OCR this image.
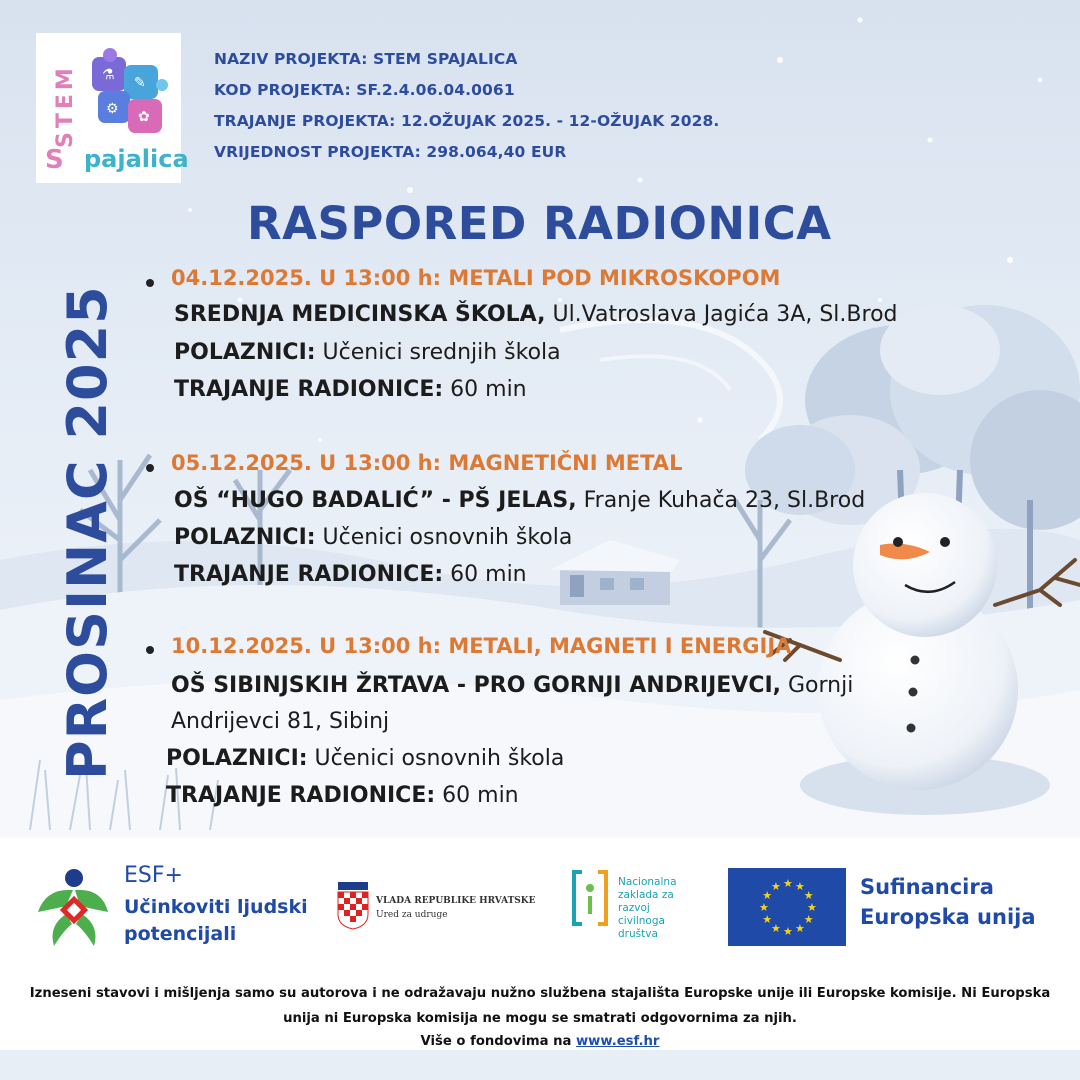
STEM ⚗ ✎
⚙ ✿
S pajalica
NAZIV PROJEKTA: STEM SPAJALICA
KOD PROJEKTA: SF.2.4.06.04.0061
TRAJANJE PROJEKTA: 12.OŽUJAK 2025. - 12-OŽUJAK 2028.
VRIJEDNOST PROJEKTA: 298.064,40 EUR
RASPORED RADIONICA
PROSINAC 2025
04.12.2025. U 13:00 h: METALI POD MIKROSKOPOM
SREDNJA MEDICINSKA ŠKOLA, Ul.Vatroslava Jagića 3A, Sl.Brod
POLAZNICI: Učenici srednjih škola
TRAJANJE RADIONICE: 60 min
05.12.2025. U 13:00 h: MAGNETIČNI METAL
OŠ “HUGO BADALIĆ” - PŠ JELAS, Franje Kuhača 23, Sl.Brod
POLAZNICI: Učenici osnovnih škola
TRAJANJE RADIONICE: 60 min
10.12.2025. U 13:00 h: METALI, MAGNETI I ENERGIJA
OŠ SIBINJSKIH ŽRTAVA - PRO GORNJI ANDRIJEVCI, Gornji
Andrijevci 81, Sibinj
POLAZNICI: Učenici osnovnih škola
TRAJANJE RADIONICE: 60 min
ESF+
Učinkoviti ljudski
potencijali
VLADA REPUBLIKE HRVATSKE
Ured za udruge
Nacionalna
zaklada za
razvoj
civilnoga
društva
★
★
★
★
★
★
★
★
★ ★ ★
★ Sufinancira
Europska unija
Izneseni stavovi i mišljenja samo su autorova i ne odražavaju nužno službena stajališta Europske unije ili Europske komisije. Ni Europska
unija ni Europska komisija ne mogu se smatrati odgovornima za njih.
Više o fondovima na www.esf.hr
